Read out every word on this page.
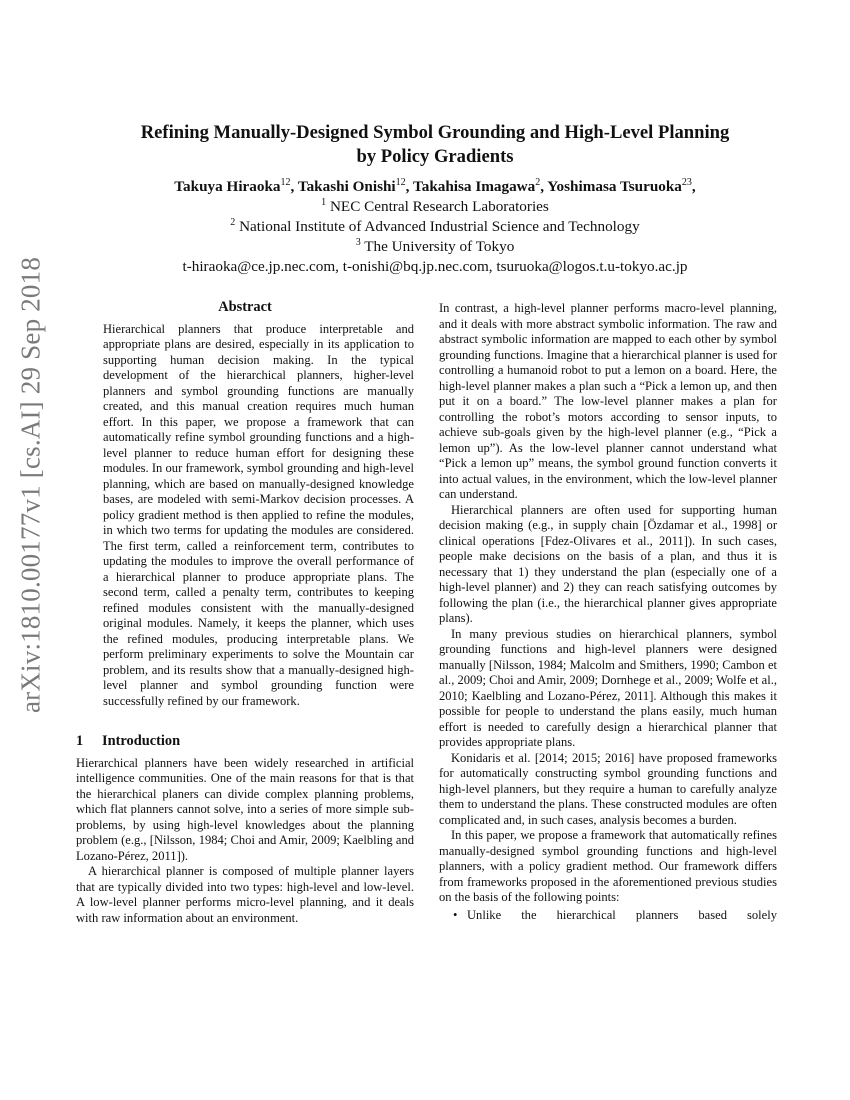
arXiv:1810.00177v1 [cs.AI] 29 Sep 2018
Refining Manually-Designed Symbol Grounding and High-Level Planning
by Policy Gradients
Takuya Hiraoka$^{12}$, Takashi Onishi$^{12}$, Takahisa Imagawa$^2$, Yoshimasa Tsuruoka$^{23}$,
$^1$ NEC Central Research Laboratories
$^2$ National Institute of Advanced Industrial Science and Technology
$^3$ The University of Tokyo
t-hiraoka@ce.jp.nec.com, t-onishi@bq.jp.nec.com, tsuruoka@logos.t.u-tokyo.ac.jp
Abstract

Hierarchical planners that produce interpretable and appropriate plans are desired, especially in its application to supporting human decision making. In the typical development of the hierarchical planners, higher-level planners and symbol grounding functions are manually created, and this manual creation requires much human effort. In this paper, we propose a framework that can automatically refine symbol grounding functions and a high-level planner to reduce human effort for designing these modules. In our framework, symbol grounding and high-level planning, which are based on manually-designed knowledge bases, are modeled with semi-Markov decision processes. A policy gradient method is then applied to refine the modules, in which two terms for updating the modules are considered. The first term, called a reinforcement term, contributes to updating the modules to improve the overall performance of a hierarchical planner to produce appropriate plans. The second term, called a penalty term, contributes to keeping refined modules consistent with the manually-designed original modules. Namely, it keeps the planner, which uses the refined modules, producing interpretable plans. We perform preliminary experiments to solve the Mountain car problem, and its results show that a manually-designed high-level planner and symbol grounding function were successfully refined by our framework.

1 Introduction

Hierarchical planners have been widely researched in artificial intelligence communities. One of the main reasons for that is that the hierarchical planers can divide complex planning problems, which flat planners cannot solve, into a series of more simple sub-problems, by using high-level knowledges about the planning problem (e.g., [Nilsson, 1984; Choi and Amir, 2009; Kaelbling and Lozano-Pérez, 2011]).

A hierarchical planner is composed of multiple planner layers that are typically divided into two types: high-level and low-level. A low-level planner performs micro-level planning, and it deals with raw information about an environment.

In contrast, a high-level planner performs macro-level planning, and it deals with more abstract symbolic information. The raw and abstract symbolic information are mapped to each other by symbol grounding functions. Imagine that a hierarchical planner is used for controlling a humanoid robot to put a lemon on a board. Here, the high-level planner makes a plan such a “Pick a lemon up, and then put it on a board.” The low-level planner makes a plan for controlling the robot’s motors according to sensor inputs, to achieve sub-goals given by the high-level planner (e.g., “Pick a lemon up”). As the low-level planner cannot understand what “Pick a lemon up” means, the symbol ground function converts it into actual values, in the environment, which the low-level planner can understand.

Hierarchical planners are often used for supporting human decision making (e.g., in supply chain [Özdamar et al., 1998] or clinical operations [Fdez-Olivares et al., 2011]). In such cases, people make decisions on the basis of a plan, and thus it is necessary that 1) they understand the plan (especially one of a high-level planner) and 2) they can reach satisfying outcomes by following the plan (i.e., the hierarchical planner gives appropriate plans).

In many previous studies on hierarchical planners, symbol grounding functions and high-level planners were designed manually [Nilsson, 1984; Malcolm and Smithers, 1990; Cambon et al., 2009; Choi and Amir, 2009; Dornhege et al., 2009; Wolfe et al., 2010; Kaelbling and Lozano-Pérez, 2011]. Although this makes it possible for people to understand the plans easily, much human effort is needed to carefully design a hierarchical planner that provides appropriate plans.

Konidaris et al. [2014; 2015; 2016] have proposed frameworks for automatically constructing symbol grounding functions and high-level planners, but they require a human to carefully analyze them to understand the plans. These constructed modules are often complicated and, in such cases, analysis becomes a burden.

In this paper, we propose a framework that automatically refines manually-designed symbol grounding functions and high-level planners, with a policy gradient method. Our framework differs from frameworks proposed in the aforementioned previous studies on the basis of the following points:

• Unlike the hierarchical planners based solely
